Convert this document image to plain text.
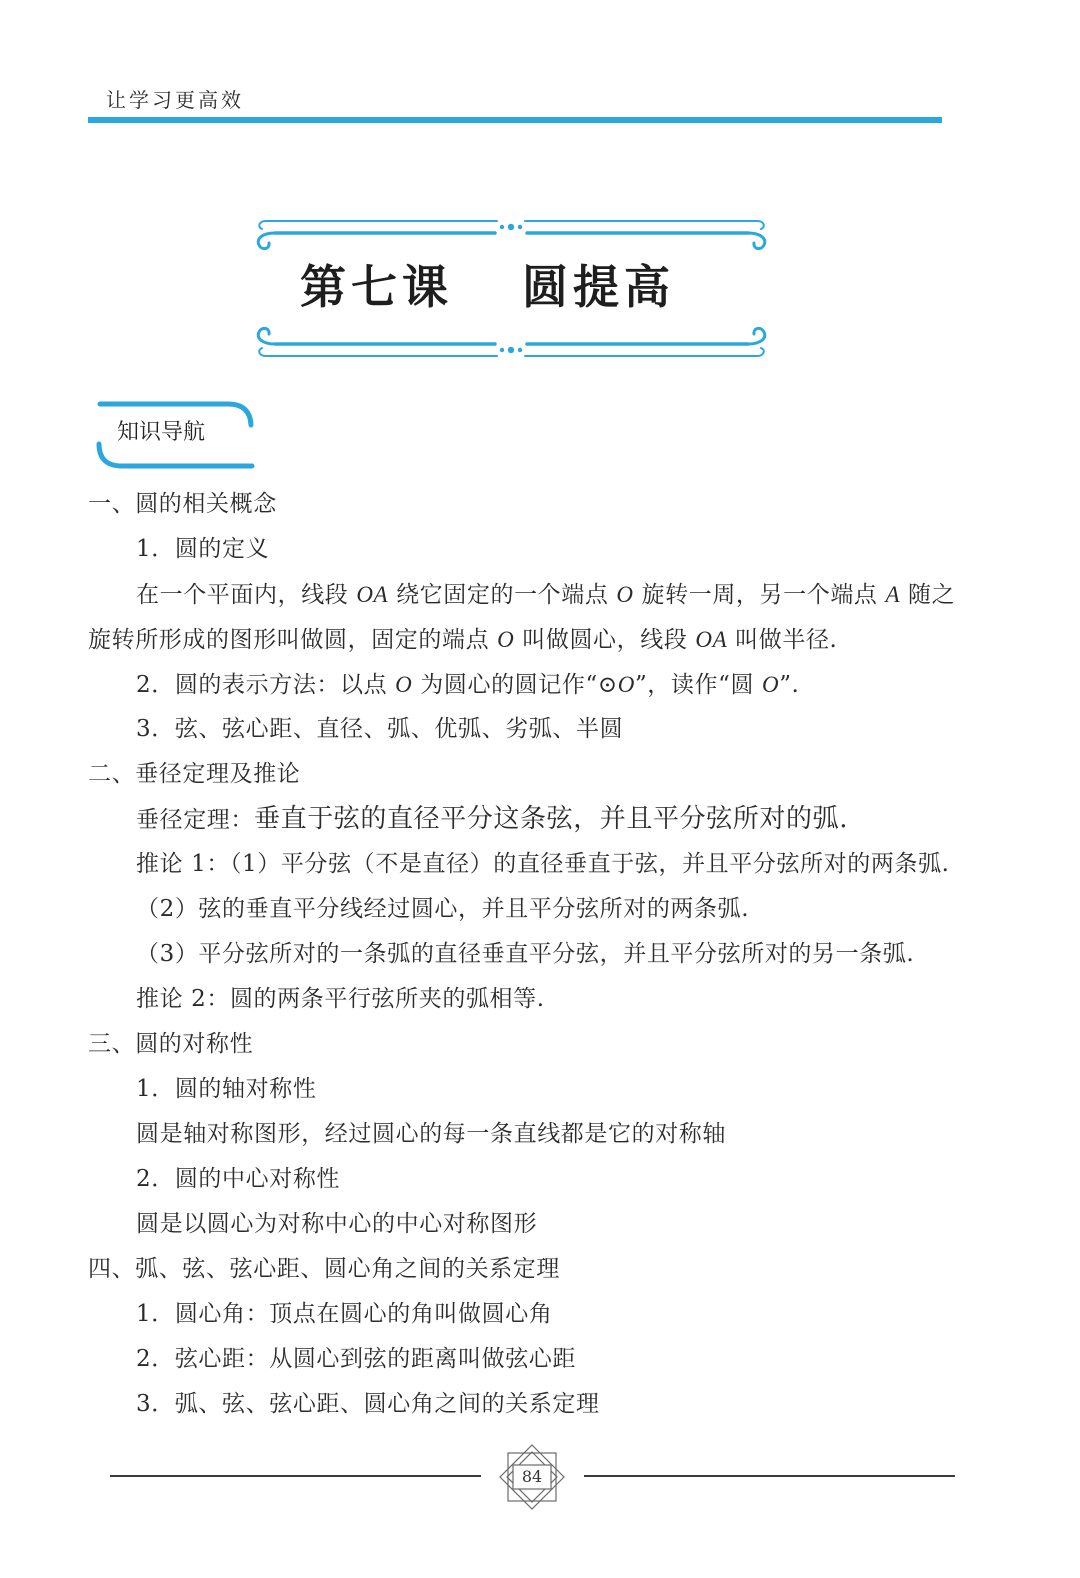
让学习更高效
第七课 圆提高
知识导航
一、圆的相关概念
1．圆的定义
在一个平面内，线段 OA 绕它固定的一个端点 O 旋转一周，另一个端点 A 随之
旋转所形成的图形叫做圆，固定的端点 O 叫做圆心，线段 OA 叫做半径.
2．圆的表示方法：以点 O 为圆心的圆记作“⊙O”，读作“圆 O”.
3．弦、弦心距、直径、弧、优弧、劣弧、半圆
二、垂径定理及推论
垂径定理：垂直于弦的直径平分这条弦，并且平分弦所对的弧.
推论 1：（1）平分弦（不是直径）的直径垂直于弦，并且平分弦所对的两条弧.
（2）弦的垂直平分线经过圆心，并且平分弦所对的两条弧.
（3）平分弦所对的一条弧的直径垂直平分弦，并且平分弦所对的另一条弧.
推论 2：圆的两条平行弦所夹的弧相等.
三、圆的对称性
1．圆的轴对称性
圆是轴对称图形，经过圆心的每一条直线都是它的对称轴
2．圆的中心对称性
圆是以圆心为对称中心的中心对称图形
四、弧、弦、弦心距、圆心角之间的关系定理
1．圆心角：顶点在圆心的角叫做圆心角
2．弦心距：从圆心到弦的距离叫做弦心距
3．弧、弦、弦心距、圆心角之间的关系定理
84
